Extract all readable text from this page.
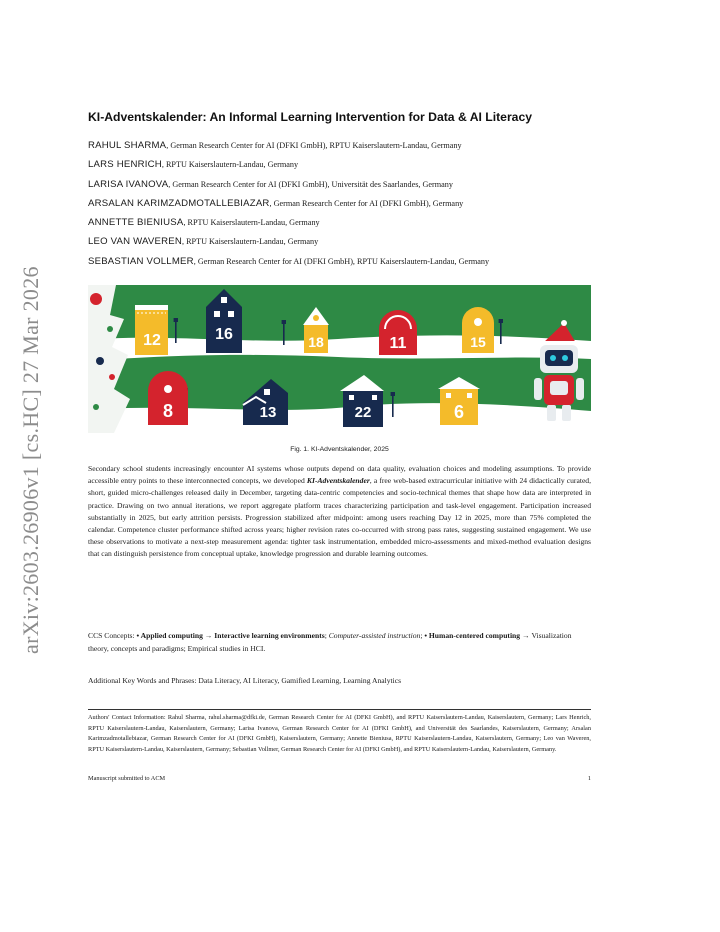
arXiv:2603.26906v1 [cs.HC] 27 Mar 2026
KI-Adventskalender: An Informal Learning Intervention for Data & AI Literacy
RAHUL SHARMA, German Research Center for AI (DFKI GmbH), RPTU Kaiserslautern-Landau, Germany
LARS HENRICH, RPTU Kaiserslautern-Landau, Germany
LARISA IVANOVA, German Research Center for AI (DFKI GmbH), Universität des Saarlandes, Germany
ARSALAN KARIMZADMOTALLEBIAZAR, German Research Center for AI (DFKI GmbH), Germany
ANNETTE BIENIUSA, RPTU Kaiserslautern-Landau, Germany
LEO VAN WAVEREN, RPTU Kaiserslautern-Landau, Germany
SEBASTIAN VOLLMER, German Research Center for AI (DFKI GmbH), RPTU Kaiserslautern-Landau, Germany
12	16	18	11	15
8	13	22	6
Fig. 1. KI-Adventskalender, 2025

Secondary school students increasingly encounter AI systems whose outputs depend on data quality, evaluation choices and modeling assumptions. To provide accessible entry points to these interconnected concepts, we developed KI-Adventskalender, a free web-based extracurricular initiative with 24 didactically curated, short, guided micro-challenges released daily in December, targeting data-centric competencies and socio-technical themes that shape how data are interpreted in practice. Drawing on two annual iterations, we report aggregate platform traces characterizing participation and task-level engagement. Participation increased substantially in 2025, but early attrition persists. Progression stabilized after midpoint: among users reaching Day 12 in 2025, more than 75% completed the calendar. Competence cluster performance shifted across years; higher revision rates co-occurred with strong pass rates, suggesting sustained engagement. We use these observations to motivate a next-step measurement agenda: tighter task instrumentation, embedded micro-assessments and mixed-method evaluation designs that can distinguish persistence from conceptual uptake, knowledge progression and durable learning outcomes.

CCS Concepts: • Applied computing → Interactive learning environments; Computer-assisted instruction; • Human-centered computing → Visualization theory, concepts and paradigms; Empirical studies in HCI.

Additional Key Words and Phrases: Data Literacy, AI Literacy, Gamified Learning, Learning Analytics

Authors' Contact Information: Rahul Sharma, rahul.sharma@dfki.de, German Research Center for AI (DFKI GmbH), and RPTU Kaiserslautern-Landau, Kaiserslautern, Germany; Lars Henrich, RPTU Kaiserslautern-Landau, Kaiserslautern, Germany; Larisa Ivanova, German Research Center for AI (DFKI GmbH), and Universität des Saarlandes, Kaiserslautern, Germany; Arsalan Karimzadmotallebiazar, German Research Center for AI (DFKI GmbH), Kaiserslautern, Germany; Annette Bieniusa, RPTU Kaiserslautern-Landau, Kaiserslautern, Germany; Leo van Waveren, RPTU Kaiserslautern-Landau, Kaiserslautern, Germany; Sebastian Vollmer, German Research Center for AI (DFKI GmbH), and RPTU Kaiserslautern-Landau, Kaiserslautern, Germany.

Manuscript submitted to ACM	1
